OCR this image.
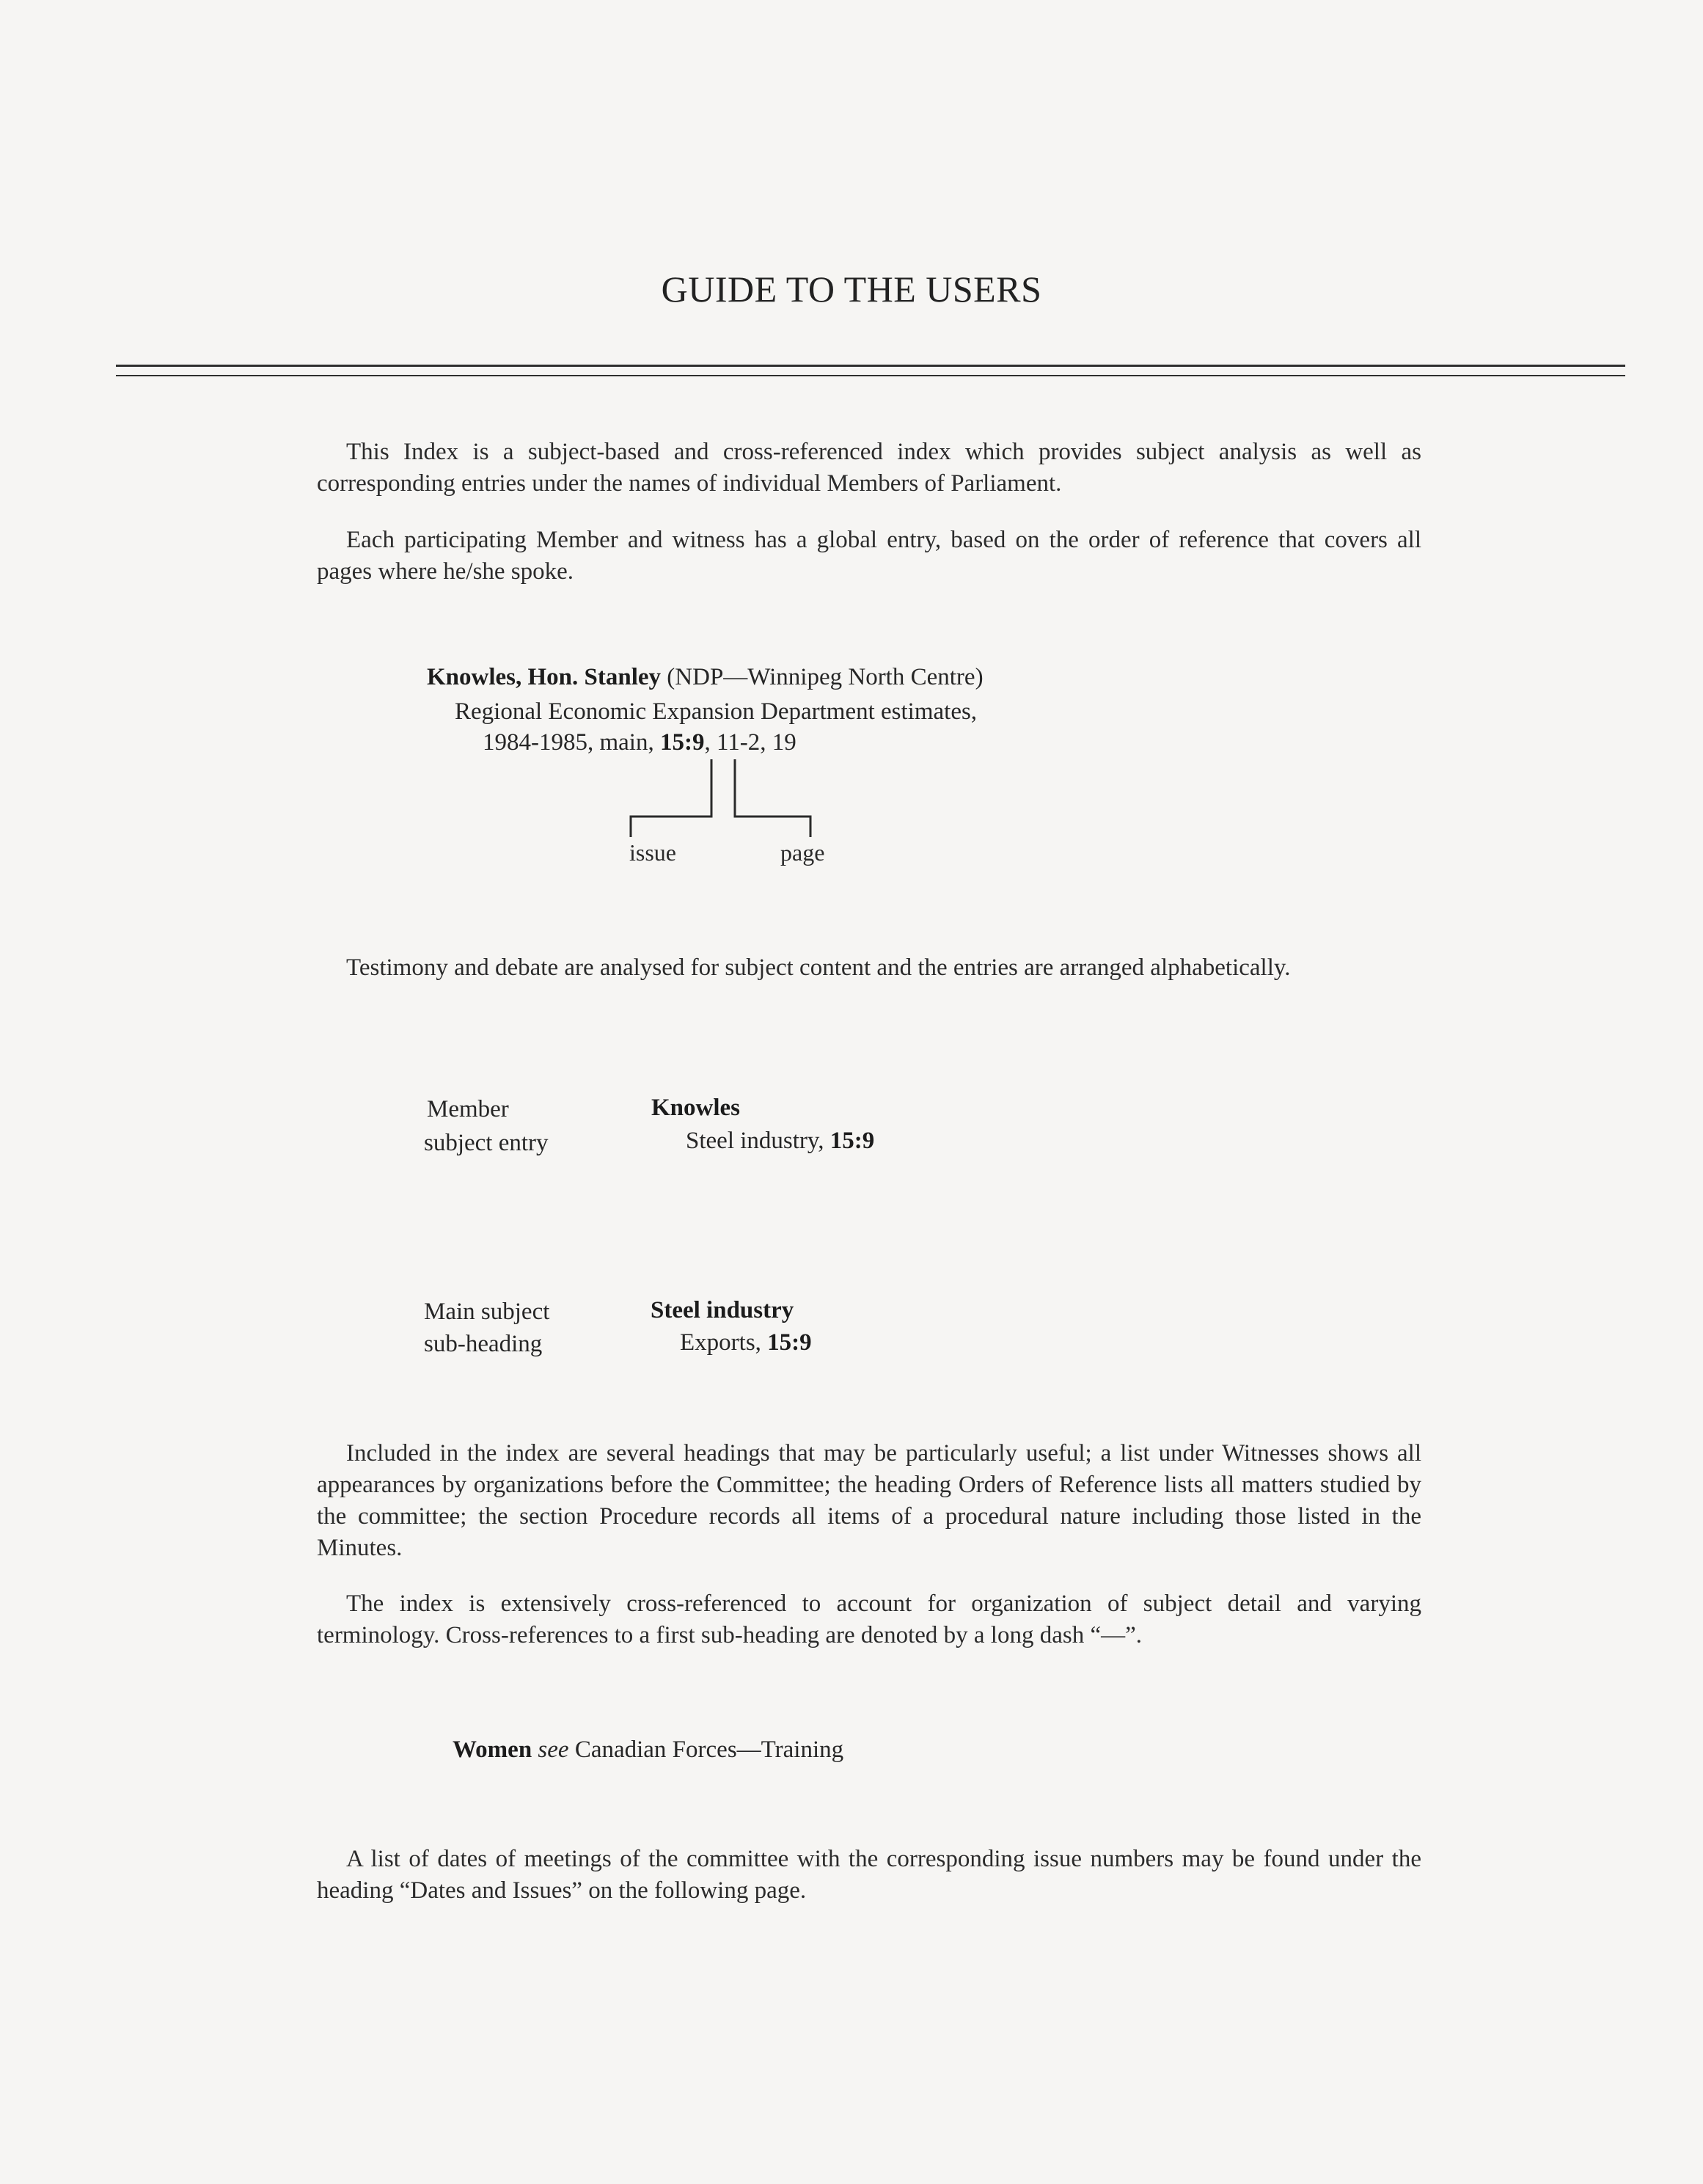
GUIDE TO THE USERS
This Index is a subject-based and cross-referenced index which provides subject analysis as well as corresponding entries under the names of individual Members of Parliament.
Each participating Member and witness has a global entry, based on the order of reference that covers all pages where he/she spoke.
Knowles, Hon. Stanley (NDP—Winnipeg North Centre)
Regional Economic Expansion Department estimates,
1984-1985, main, 15:9, 11-2, 19
issue	page
Testimony and debate are analysed for subject content and the entries are arranged alphabetically.
Member
subject entry
Knowles
Steel industry, 15:9
Main subject
sub-heading
Steel industry
Exports, 15:9
Included in the index are several headings that may be particularly useful; a list under Witnesses shows all appearances by organizations before the Committee; the heading Orders of Reference lists all matters studied by the committee; the section Procedure records all items of a procedural nature including those listed in the Minutes.
The index is extensively cross-referenced to account for organization of subject detail and varying terminology. Cross-references to a first sub-heading are denoted by a long dash “—”.
Women see Canadian Forces—Training
A list of dates of meetings of the committee with the corresponding issue numbers may be found under the heading “Dates and Issues” on the following page.
